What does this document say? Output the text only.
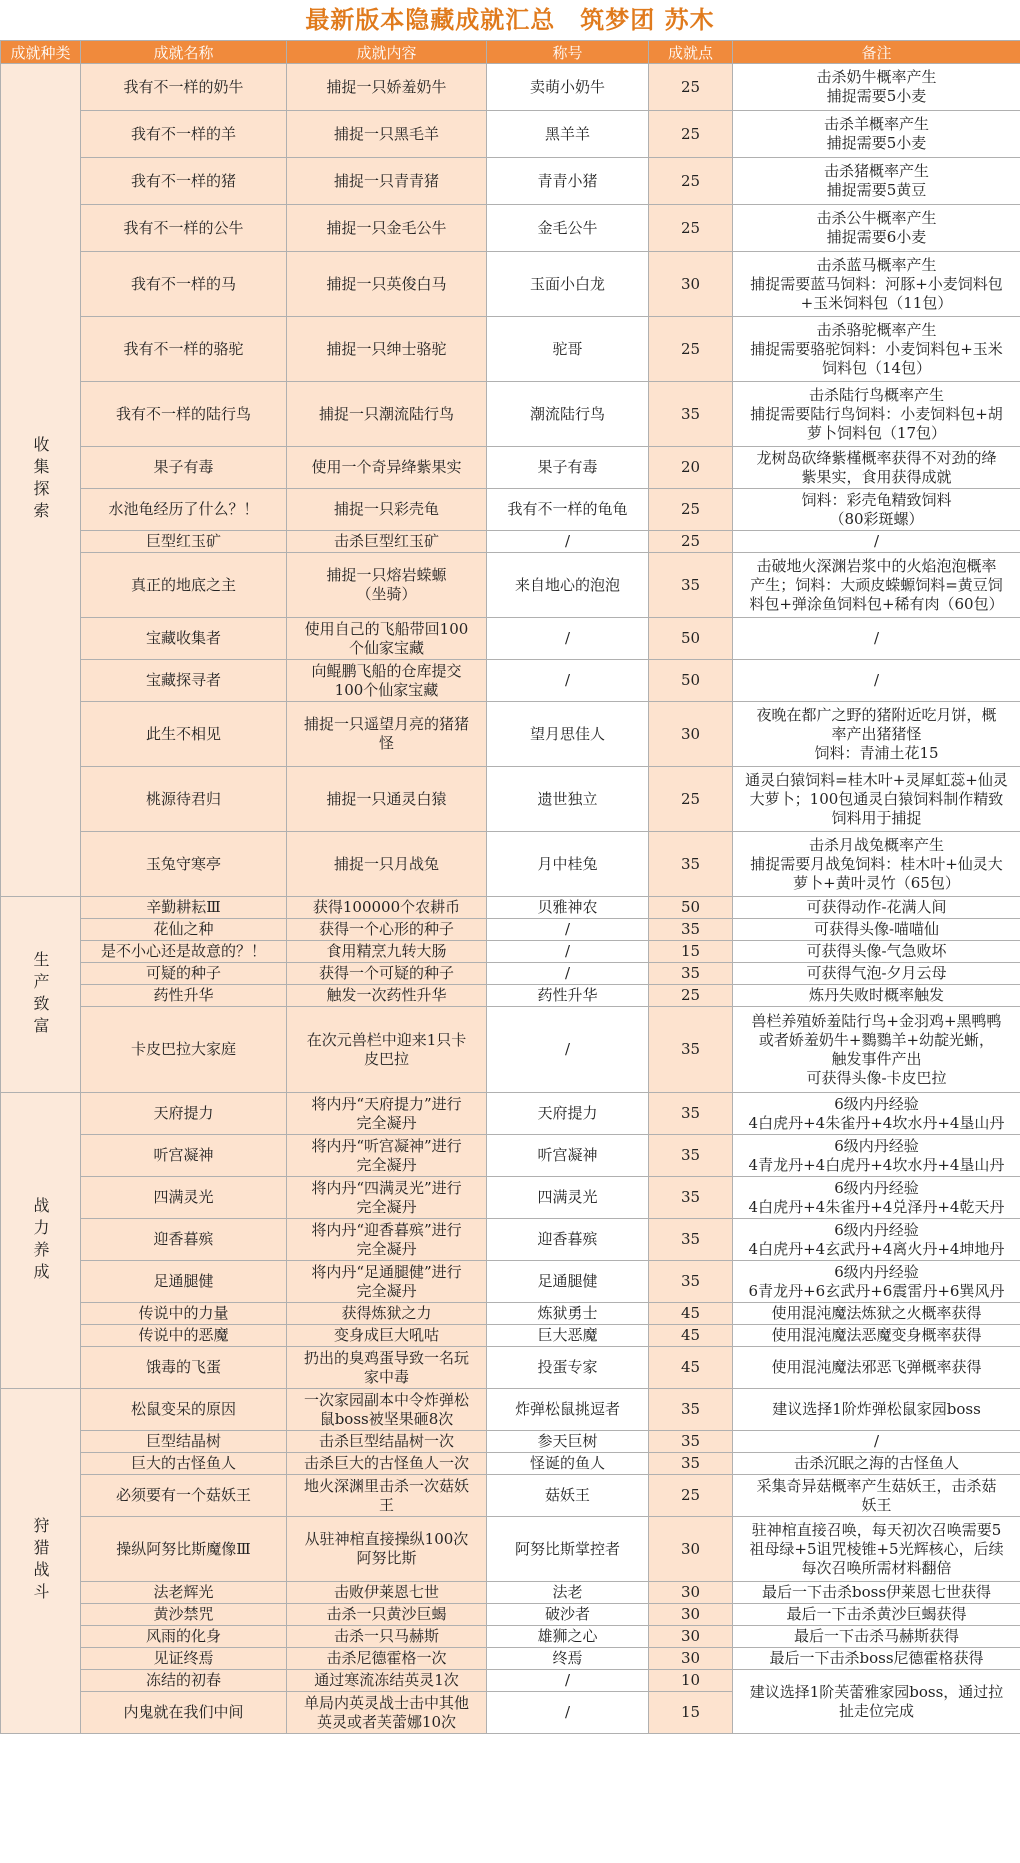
最新版本隐藏成就汇总　筑梦团 苏木
成就种类	成就名称	成就内容	称号	成就点	备注
收集探索	我有不一样的奶牛	捕捉一只娇羞奶牛	卖萌小奶牛	25	击杀奶牛概率产生
捕捉需要5小麦
	我有不一样的羊	捕捉一只黑毛羊	黑羊羊	25	击杀羊概率产生
捕捉需要5小麦
	我有不一样的猪	捕捉一只青青猪	青青小猪	25	击杀猪概率产生
捕捉需要5黄豆
	我有不一样的公牛	捕捉一只金毛公牛	金毛公牛	25	击杀公牛概率产生
捕捉需要6小麦
	我有不一样的马	捕捉一只英俊白马	玉面小白龙	30	击杀蓝马概率产生
捕捉需要蓝马饲料：河豚+小麦饲料包
+玉米饲料包（11包）
	我有不一样的骆驼	捕捉一只绅士骆驼	驼哥	25	击杀骆驼概率产生
捕捉需要骆驼饲料：小麦饲料包+玉米
饲料包（14包）
	我有不一样的陆行鸟	捕捉一只潮流陆行鸟	潮流陆行鸟	35	击杀陆行鸟概率产生
捕捉需要陆行鸟饲料：小麦饲料包+胡
萝卜饲料包（17包）
	果子有毒	使用一个奇异绛紫果实	果子有毒	20	龙树岛砍绛紫槿概率获得不对劲的绛
紫果实，食用获得成就
	水池龟经历了什么？！	捕捉一只彩壳龟	我有不一样的龟龟	25	饲料：彩壳龟精致饲料
（80彩斑螺）
	巨型红玉矿	击杀巨型红玉矿	/	25	/
	真正的地底之主	捕捉一只熔岩蝾螈
（坐骑）	来自地心的泡泡	35	击破地火深渊岩浆中的火焰泡泡概率
产生；饲料：大顽皮蝾螈饲料=黄豆饲
料包+弹涂鱼饲料包+稀有肉（60包）
	宝藏收集者	使用自己的飞船带回100
个仙家宝藏	/	50	/
	宝藏探寻者	向鲲鹏飞船的仓库提交
100个仙家宝藏	/	50	/
	此生不相见	捕捉一只遥望月亮的猪猪
怪	望月思佳人	30	夜晚在都广之野的猪附近吃月饼，概
率产出猪猪怪
饲料：青浦土花15
	桃源待君归	捕捉一只通灵白猿	遗世独立	25	通灵白猿饲料=桂木叶+灵犀虹蕊+仙灵
大萝卜；100包通灵白猿饲料制作精致
饲料用于捕捉
	玉兔守寒亭	捕捉一只月战兔	月中桂兔	35	击杀月战兔概率产生
捕捉需要月战兔饲料：桂木叶+仙灵大
萝卜+黄叶灵竹（65包）
生产致富	辛勤耕耘Ⅲ	获得100000个农耕币	贝雅神农	50	可获得动作-花满人间
	花仙之种	获得一个心形的种子	/	35	可获得头像-喵喵仙
	是不小心还是故意的？！	食用精烹九转大肠	/	15	可获得头像-气急败坏
	可疑的种子	获得一个可疑的种子	/	35	可获得气泡-夕月云母
	药性升华	触发一次药性升华	药性升华	25	炼丹失败时概率触发
	卡皮巴拉大家庭	在次元兽栏中迎来1只卡
皮巴拉	/	35	兽栏养殖娇羞陆行鸟+金羽鸡+黑鸭鸭
或者娇羞奶牛+鷚鷚羊+幼靛光蜥，
触发事件产出
可获得头像-卡皮巴拉
战力养成	天府提力	将内丹“天府提力”进行
完全凝丹	天府提力	35	6级内丹经验
4白虎丹+4朱雀丹+4坎水丹+4垦山丹
	听宫凝神	将内丹“听宫凝神”进行
完全凝丹	听宫凝神	35	6级内丹经验
4青龙丹+4白虎丹+4坎水丹+4垦山丹
	四满灵光	将内丹“四满灵光”进行
完全凝丹	四满灵光	35	6级内丹经验
4白虎丹+4朱雀丹+4兑泽丹+4乾天丹
	迎香暮殡	将内丹“迎香暮殡”进行
完全凝丹	迎香暮殡	35	6级内丹经验
4白虎丹+4玄武丹+4离火丹+4坤地丹
	足通腿健	将内丹“足通腿健”进行
完全凝丹	足通腿健	35	6级内丹经验
6青龙丹+6玄武丹+6震雷丹+6巽风丹
	传说中的力量	获得炼狱之力	炼狱勇士	45	使用混沌魔法炼狱之火概率获得
	传说中的恶魔	变身成巨大吼咕	巨大恶魔	45	使用混沌魔法恶魔变身概率获得
	饿毒的飞蛋	扔出的臭鸡蛋导致一名玩
家中毒	投蛋专家	45	使用混沌魔法邪恶飞弹概率获得
狩猎战斗	松鼠变呆的原因	一次家园副本中令炸弹松
鼠boss被坚果砸8次	炸弹松鼠挑逗者	35	建议选择1阶炸弹松鼠家园boss
	巨型结晶树	击杀巨型结晶树一次	参天巨树	35	/
	巨大的古怪鱼人	击杀巨大的古怪鱼人一次	怪诞的鱼人	35	击杀沉眠之海的古怪鱼人
	必须要有一个菇妖王	地火深渊里击杀一次菇妖
王	菇妖王	25	采集奇异菇概率产生菇妖王，击杀菇
妖王
	操纵阿努比斯魔像Ⅲ	从驻神棺直接操纵100次
阿努比斯	阿努比斯掌控者	30	驻神棺直接召唤，每天初次召唤需要5
祖母绿+5诅咒棱锥+5光辉核心，后续
每次召唤所需材料翻倍
	法老辉光	击败伊莱恩七世	法老	30	最后一下击杀boss伊莱恩七世获得
	黄沙禁咒	击杀一只黄沙巨蝎	破沙者	30	最后一下击杀黄沙巨蝎获得
	风雨的化身	击杀一只马赫斯	雄狮之心	30	最后一下击杀马赫斯获得
	见证终焉	击杀尼德霍格一次	终焉	30	最后一下击杀boss尼德霍格获得
	冻结的初春	通过寒流冻结英灵1次	/	10	建议选择1阶芙蕾雅家园boss，通过拉
扯走位完成
	内鬼就在我们中间	单局内英灵战士击中其他
英灵或者芙蕾娜10次	/	15	
